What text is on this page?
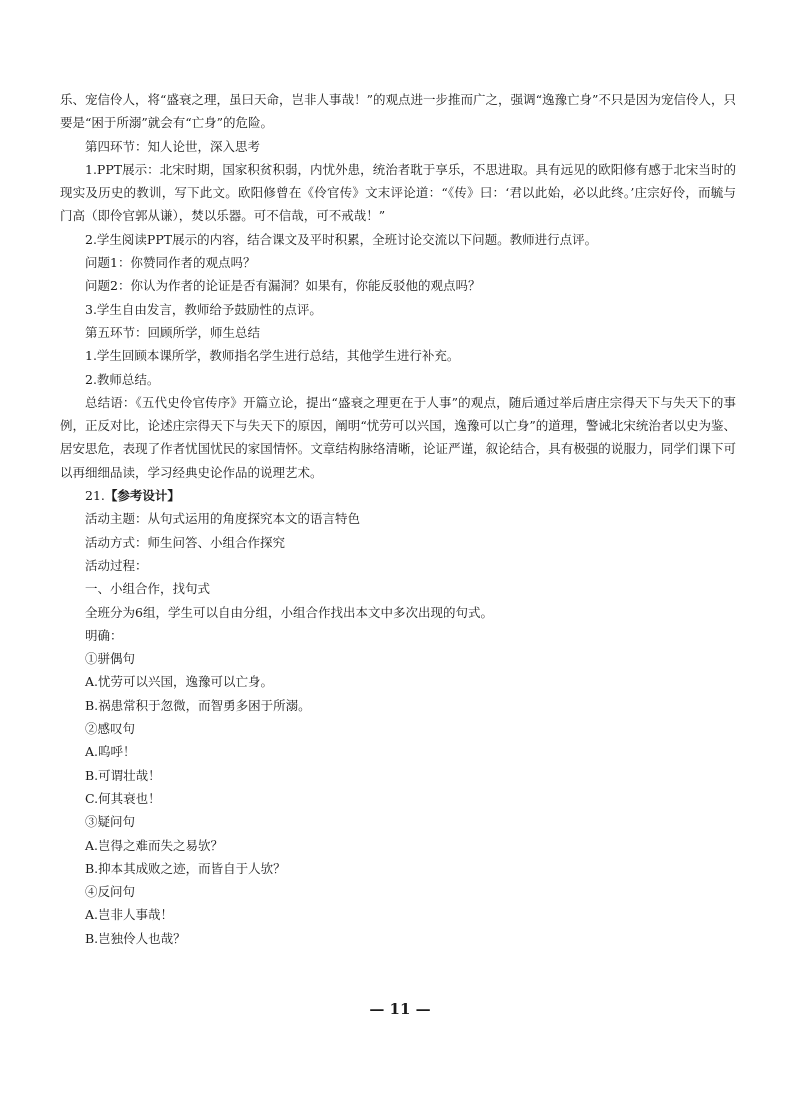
乐、宠信伶人，将“盛衰之理，虽曰天命，岂非人事哉！”的观点进一步推而广之，强调“逸豫亡身”不只是因为宠信伶人，只要是“困于所溺”就会有“亡身”的危险。

第四环节：知人论世，深入思考

1.PPT展示：北宋时期，国家积贫积弱，内忧外患，统治者耽于享乐，不思进取。具有远见的欧阳修有感于北宋当时的现实及历史的教训，写下此文。欧阳修曾在《伶官传》文末评论道：“《传》曰：‘君以此始，必以此终。’庄宗好伶，而毓与门高（即伶官郭从谦），焚以乐器。可不信哉，可不戒哉！”

2.学生阅读PPT展示的内容，结合课文及平时积累，全班讨论交流以下问题。教师进行点评。

问题1：你赞同作者的观点吗？

问题2：你认为作者的论证是否有漏洞？如果有，你能反驳他的观点吗？

3.学生自由发言，教师给予鼓励性的点评。

第五环节：回顾所学，师生总结

1.学生回顾本课所学，教师指名学生进行总结，其他学生进行补充。

2.教师总结。

总结语：《五代史伶官传序》开篇立论，提出“盛衰之理更在于人事”的观点，随后通过举后唐庄宗得天下与失天下的事例，正反对比，论述庄宗得天下与失天下的原因，阐明“忧劳可以兴国，逸豫可以亡身”的道理，警诫北宋统治者以史为鉴、居安思危，表现了作者忧国忧民的家国情怀。文章结构脉络清晰，论证严谨，叙论结合，具有极强的说服力，同学们课下可以再细细品读，学习经典史论作品的说理艺术。

21.【参考设计】

活动主题：从句式运用的角度探究本文的语言特色

活动方式：师生问答、小组合作探究

活动过程：

一、小组合作，找句式

全班分为6组，学生可以自由分组，小组合作找出本文中多次出现的句式。

明确：

①骈偶句

A.忧劳可以兴国，逸豫可以亡身。

B.祸患常积于忽微，而智勇多困于所溺。

②感叹句

A.呜呼！

B.可谓壮哉！

C.何其衰也！

③疑问句

A.岂得之难而失之易欤？

B.抑本其成败之迹，而皆自于人欤？

④反问句

A.岂非人事哉！

B.岂独伶人也哉？

— 11 —
